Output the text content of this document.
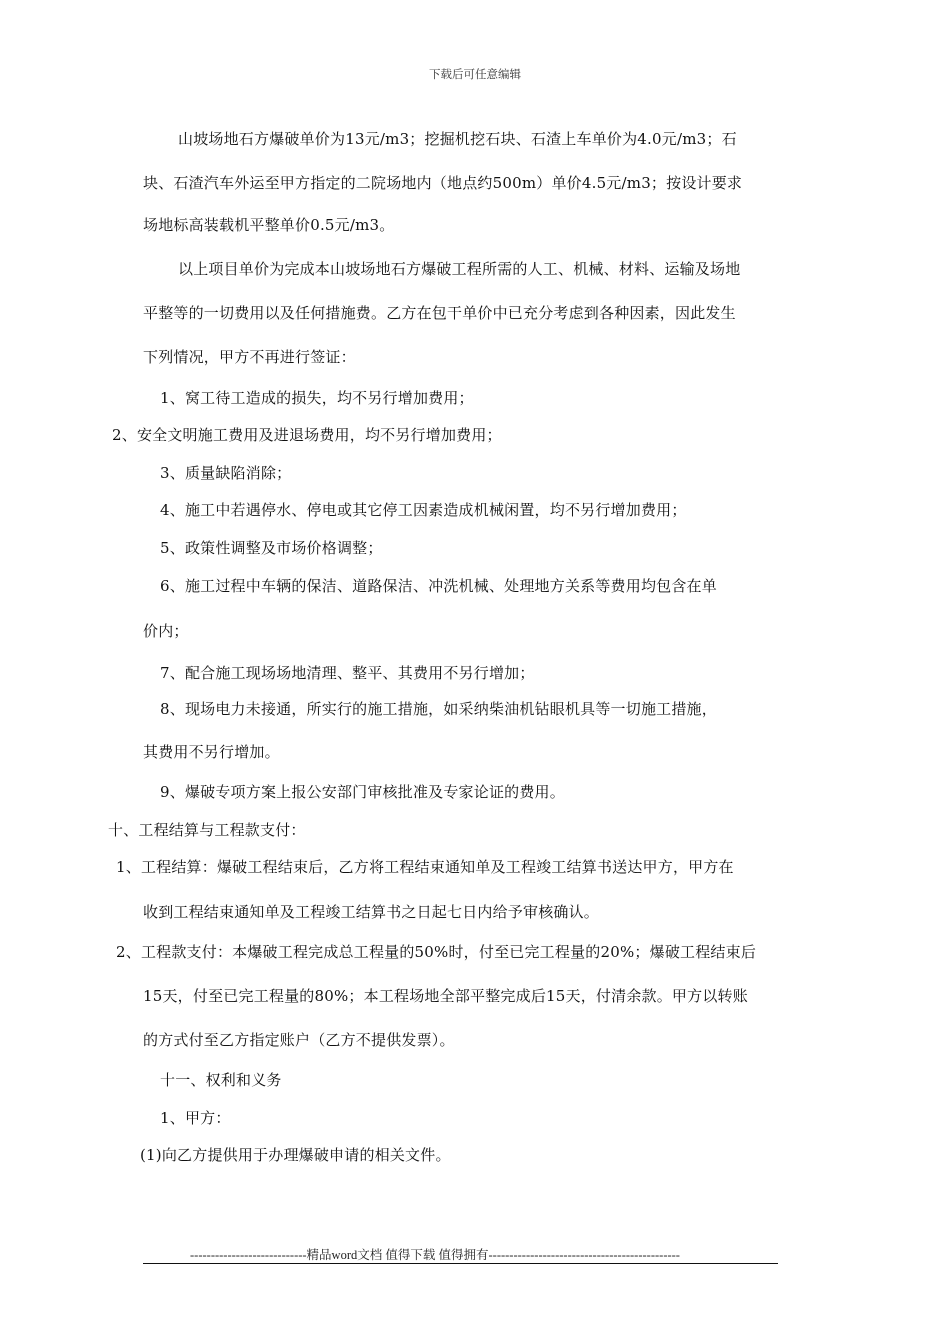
下载后可任意编辑
山坡场地石方爆破单价为13元/m3；挖掘机挖石块、石渣上车单价为4.0元/m3；石
块、石渣汽车外运至甲方指定的二院场地内（地点约500m）单价4.5元/m3；按设计要求
场地标高装载机平整单价0.5元/m3。
以上项目单价为完成本山坡场地石方爆破工程所需的人工、机械、材料、运输及场地
平整等的一切费用以及任何措施费。乙方在包干单价中已充分考虑到各种因素，因此发生
下列情况，甲方不再进行签证：
1、窝工待工造成的损失，均不另行增加费用；
2、安全文明施工费用及进退场费用，均不另行增加费用；
3、质量缺陷消除；
4、施工中若遇停水、停电或其它停工因素造成机械闲置，均不另行增加费用；
5、政策性调整及市场价格调整；
6、施工过程中车辆的保洁、道路保洁、冲洗机械、处理地方关系等费用均包含在单
价内；
7、配合施工现场场地清理、整平、其费用不另行增加；
8、现场电力未接通，所实行的施工措施，如采纳柴油机钻眼机具等一切施工措施，
其费用不另行增加。
9、爆破专项方案上报公安部门审核批准及专家论证的费用。
十、工程结算与工程款支付：
1、工程结算：爆破工程结束后，乙方将工程结束通知单及工程竣工结算书送达甲方，甲方在
收到工程结束通知单及工程竣工结算书之日起七日内给予审核确认。
2、工程款支付：本爆破工程完成总工程量的50%时，付至已完工程量的20%；爆破工程结束后
15天，付至已完工程量的80%；本工程场地全部平整完成后15天，付清余款。甲方以转账
的方式付至乙方指定账户（乙方不提供发票）。
十一、权利和义务
1、甲方：
(1)向乙方提供用于办理爆破申请的相关文件。
----------------------------精品word文档 值得下载 值得拥有----------------------------------------------
